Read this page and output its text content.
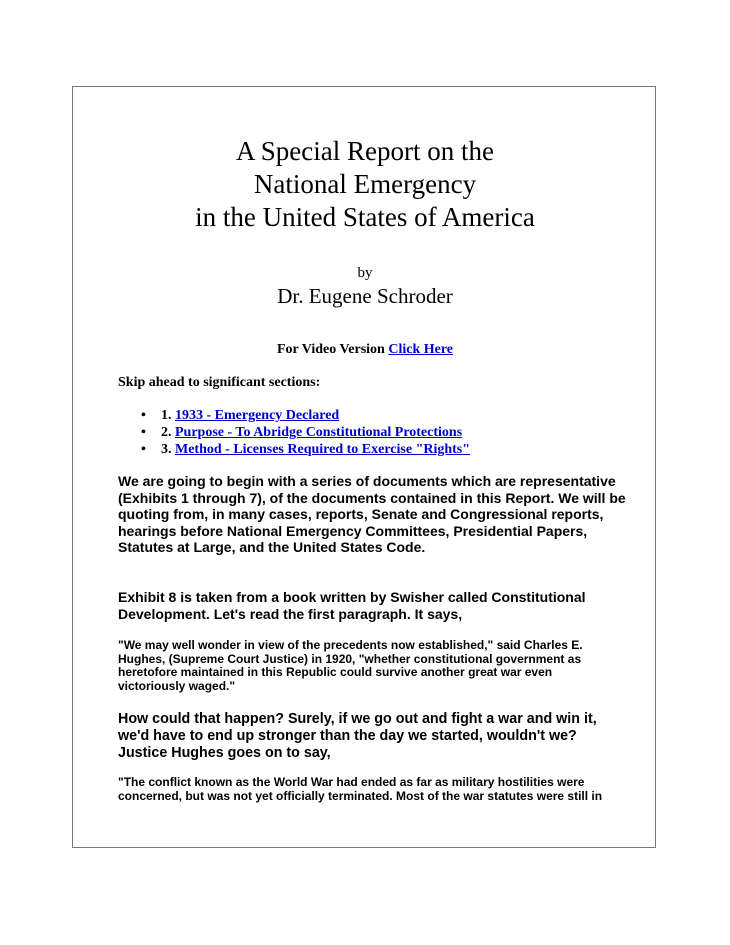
A Special Report on the
National Emergency
in the United States of America
by
Dr. Eugene Schroder
For Video Version Click Here
Skip ahead to significant sections:
• 1. 1933 - Emergency Declared
• 2. Purpose - To Abridge Constitutional Protections
• 3. Method - Licenses Required to Exercise "Rights"
We are going to begin with a series of documents which are representative (Exhibits 1 through 7), of the documents contained in this Report. We will be quoting from, in many cases, reports, Senate and Congressional reports, hearings before National Emergency Committees, Presidential Papers, Statutes at Large, and the United States Code.
Exhibit 8 is taken from a book written by Swisher called Constitutional Development. Let's read the first paragraph. It says,
"We may well wonder in view of the precedents now established," said Charles E. Hughes, (Supreme Court Justice) in 1920, "whether constitutional government as heretofore maintained in this Republic could survive another great war even victoriously waged."
How could that happen? Surely, if we go out and fight a war and win it, we'd have to end up stronger than the day we started, wouldn't we? Justice Hughes goes on to say,
"The conflict known as the World War had ended as far as military hostilities were concerned, but was not yet officially terminated. Most of the war statutes were still in
